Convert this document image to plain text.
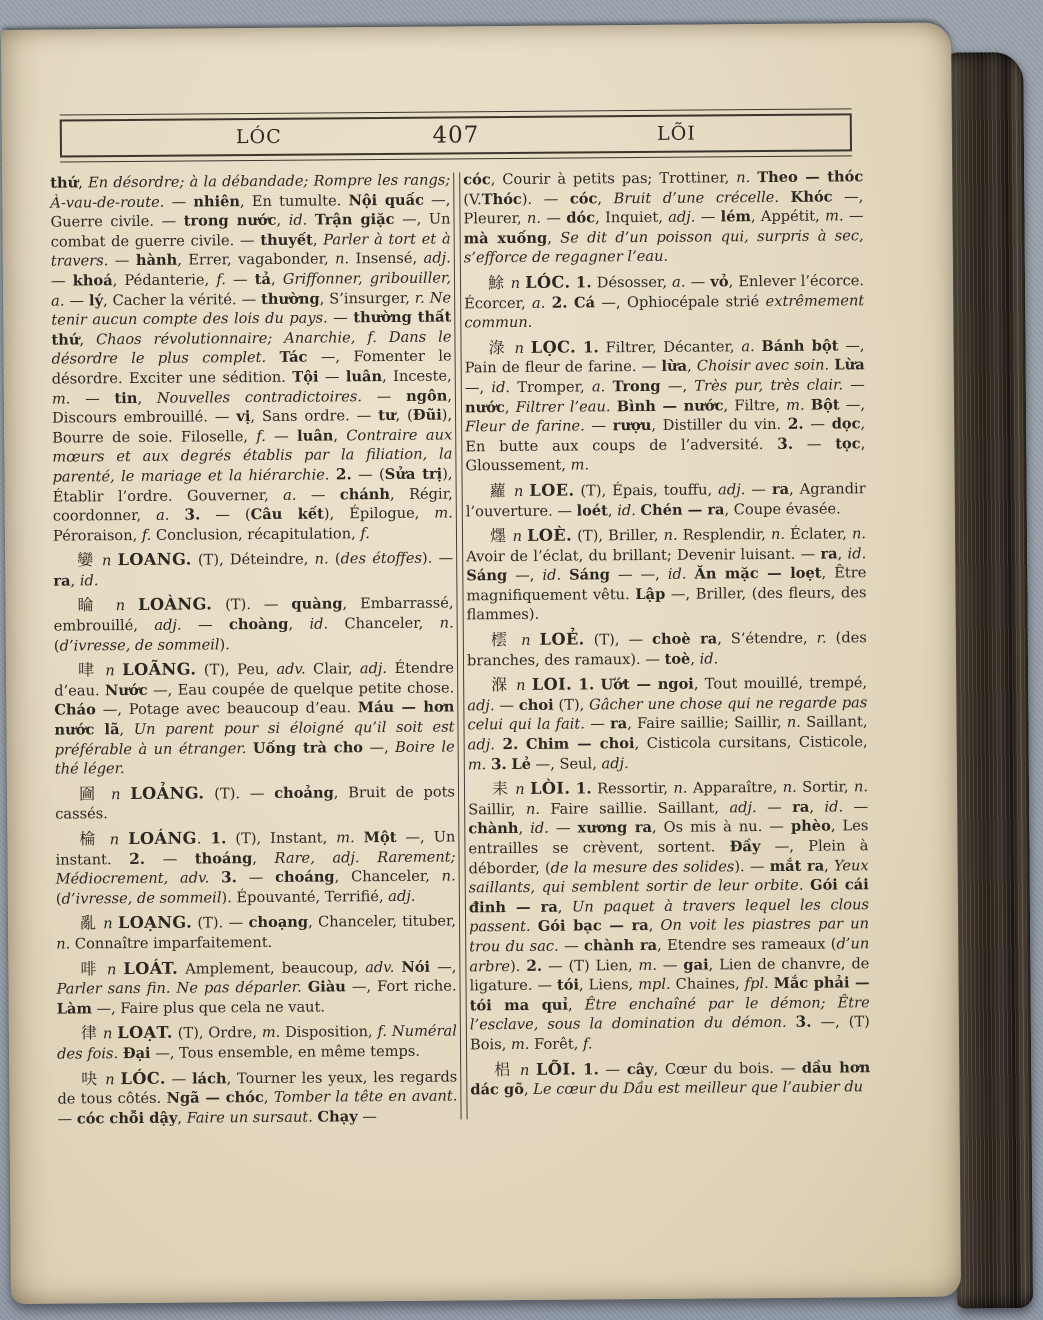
LÓC	407	LÕI

thứ, En désordre; à la débandade; Rompre les rangs; À-vau-de-route. — nhiên, En tumulte. Nội quấc —, Guerre civile. — trong nước, id. Trận giặc —, Un combat de guerre civile. — thuyết, Parler à tort et à travers. — hành, Errer, vagabonder, n. Insensé, adj. — khoá, Pédanterie, f. — tả, Griffonner, gribouiller, a. — lý, Cacher la vérité. — thường, S’insurger, r. Ne tenir aucun compte des lois du pays. — thường thất thứ, Chaos révolutionnaire; Anarchie, f. Dans le désordre le plus complet. Tác —, Fomenter le désordre. Exciter une sédition. Tội — luân, Inceste, m. — tin, Nouvelles contradictoires. — ngôn, Discours embrouillé. — vị, Sans ordre. — tư, (Đũi), Bourre de soie. Filoselle, f. — luân, Contraire aux mœurs et aux degrés établis par la filiation, la parenté, le mariage et la hiérarchie. 2. — (Sửa trị), Établir l’ordre. Gouverner, a. — chánh, Régir, coordonner, a. 3. — (Câu kết), Épilogue, m. Péroraison, f. Conclusion, récapitulation, f.

孌 n LOANG. (T), Déteindre, n. (des étoffes). — ra, id.

睔 n LOÀNG. (T). — quàng, Embarrassé, embrouillé, adj. — choàng, id. Chanceler, n. (d’ivresse, de sommeil).

㖀 n LOÃNG. (T), Peu, adv. Clair, adj. Étendre d’eau. Nước —, Eau coupée de quelque petite chose. Cháo —, Potage avec beaucoup d’eau. Máu — hơn nước lã, Un parent pour si éloigné qu’il soit est préférable à un étranger. Uống trà cho —, Boire le thé léger.

圇 n LOẢNG. (T). — choảng, Bruit de pots cassés.

棆 n LOÁNG. 1. (T), Instant, m. Một —, Un instant. 2. — thoáng, Rare, adj. Rarement; Médiocrement, adv. 3. — choáng, Chanceler, n. (d’ivresse, de sommeil). Épouvanté, Terrifié, adj.

亂 n LOẠNG. (T). — choạng, Chanceler, tituber, n. Connaître imparfaitement.

啡 n LOÁT. Amplement, beaucoup, adv. Nói —, Parler sans fin. Ne pas déparler. Giàu —, Fort riche. Làm —, Faire plus que cela ne vaut.

律 n LOẠT. (T), Ordre, m. Disposition, f. Numéral des fois. Đại —, Tous ensemble, en même temps.

吷 n LÓC. — lách, Tourner les yeux, les regards de tous côtés. Ngã — chóc, Tomber la tête en avant. — cóc chỗi dậy, Faire un sursaut. Chạy —

cóc, Courir à petits pas; Trottiner, n. Theo — thóc (V.Thóc). — cóc, Bruit d’une crécelle. Khóc —, Pleurer, n. — dóc, Inquiet, adj. — lém, Appétit, m. — mà xuống, Se dit d’un poisson qui, surpris à sec, s’efforce de regagner l’eau.

鮽 n LÓC. 1. Désosser, a. — vỏ, Enlever l’écorce. Écorcer, a. 2. Cá —, Ophiocépale strié extrêmement commun.

淥 n LỌC. 1. Filtrer, Décanter, a. Bánh bột —, Pain de fleur de farine. — lừa, Choisir avec soin. Lừa —, id. Tromper, a. Trong —, Très pur, très clair. — nước, Filtrer l’eau. Bình — nước, Filtre, m. Bột —, Fleur de farine. — rượu, Distiller du vin. 2. — dọc, En butte aux coups de l’adversité. 3. — tọc, Gloussement, m.

蘿 n LOE. (T), Épais, touffu, adj. — ra, Agrandir l’ouverture. — loét, id. Chén — ra, Coupe évasée.

爅 n LOÈ. (T), Briller, n. Resplendir, n. Éclater, n. Avoir de l’éclat, du brillant; Devenir luisant. — ra, id. Sáng —, id. Sáng — —, id. Ăn mặc — loẹt, Être magnifiquement vêtu. Lập —, Briller, (des fleurs, des flammes).

橒 n LOẺ. (T), — choè ra, S’étendre, r. (des branches, des ramaux). — toè, id.

湺 n LOI. 1. Ướt — ngoi, Tout mouillé, trempé, adj. — choi (T), Gâcher une chose qui ne regarde pas celui qui la fait. — ra, Faire saillie; Saillir, n. Saillant, adj. 2. Chim — choi, Cisticola cursitans, Cisticole, m. 3. Lẻ —, Seul, adj.

耒 n LÒI. 1. Ressortir, n. Apparaître, n. Sortir, n. Saillir, n. Faire saillie. Saillant, adj. — ra, id. — chành, id. — xương ra, Os mis à nu. — phèo, Les entrailles se crèvent, sortent. Đầy —, Plein à déborder, (de la mesure des solides). — mắt ra, Yeux saillants, qui semblent sortir de leur orbite. Gói cái đinh — ra, Un paquet à travers lequel les clous passent. Gói bạc — ra, On voit les piastres par un trou du sac. — chành ra, Etendre ses rameaux (d’un arbre). 2. — (T) Lien, m. — gai, Lien de chanvre, de ligature. — tói, Liens, mpl. Chaines, fpl. Mắc phải — tói ma quỉ, Être enchaîné par le démon; Être l’esclave, sous la domination du démon. 3. —, (T) Bois, m. Forêt, f.

梠 n LÕI. 1. — cây, Cœur du bois. — dầu hơn dác gõ, Le cœur du Dầu est meilleur que l’aubier du
